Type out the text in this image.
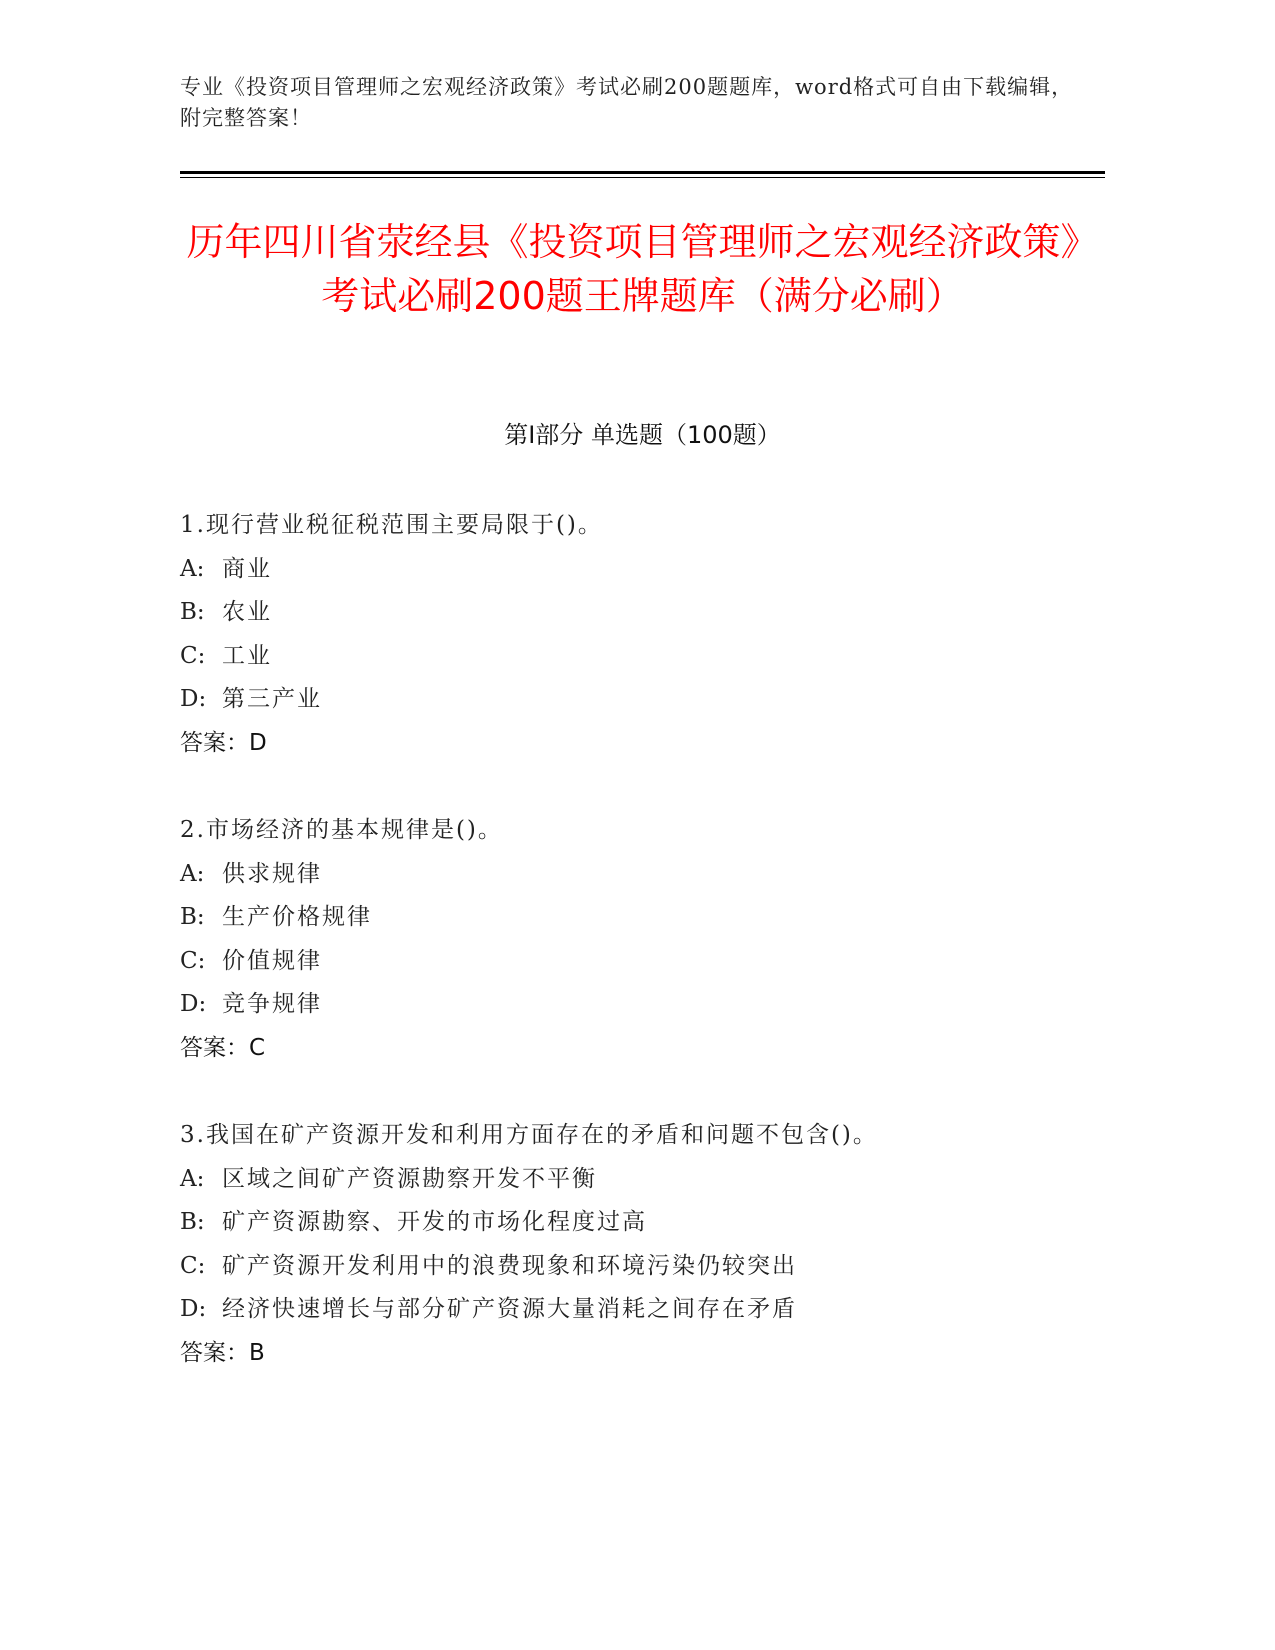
专业《投资项目管理师之宏观经济政策》考试必刷200题题库，word格式可自由下载编辑，附完整答案！
历年四川省荥经县《投资项目管理师之宏观经济政策》考试必刷200题王牌题库（满分必刷）
第I部分 单选题（100题）
1.现行营业税征税范围主要局限于()。
A: 商业
B: 农业
C: 工业
D: 第三产业
答案：D
2.市场经济的基本规律是()。
A: 供求规律
B: 生产价格规律
C: 价值规律
D: 竞争规律
答案：C
3.我国在矿产资源开发和利用方面存在的矛盾和问题不包含()。
A: 区域之间矿产资源勘察开发不平衡
B: 矿产资源勘察、开发的市场化程度过高
C: 矿产资源开发利用中的浪费现象和环境污染仍较突出
D: 经济快速增长与部分矿产资源大量消耗之间存在矛盾
答案：B
